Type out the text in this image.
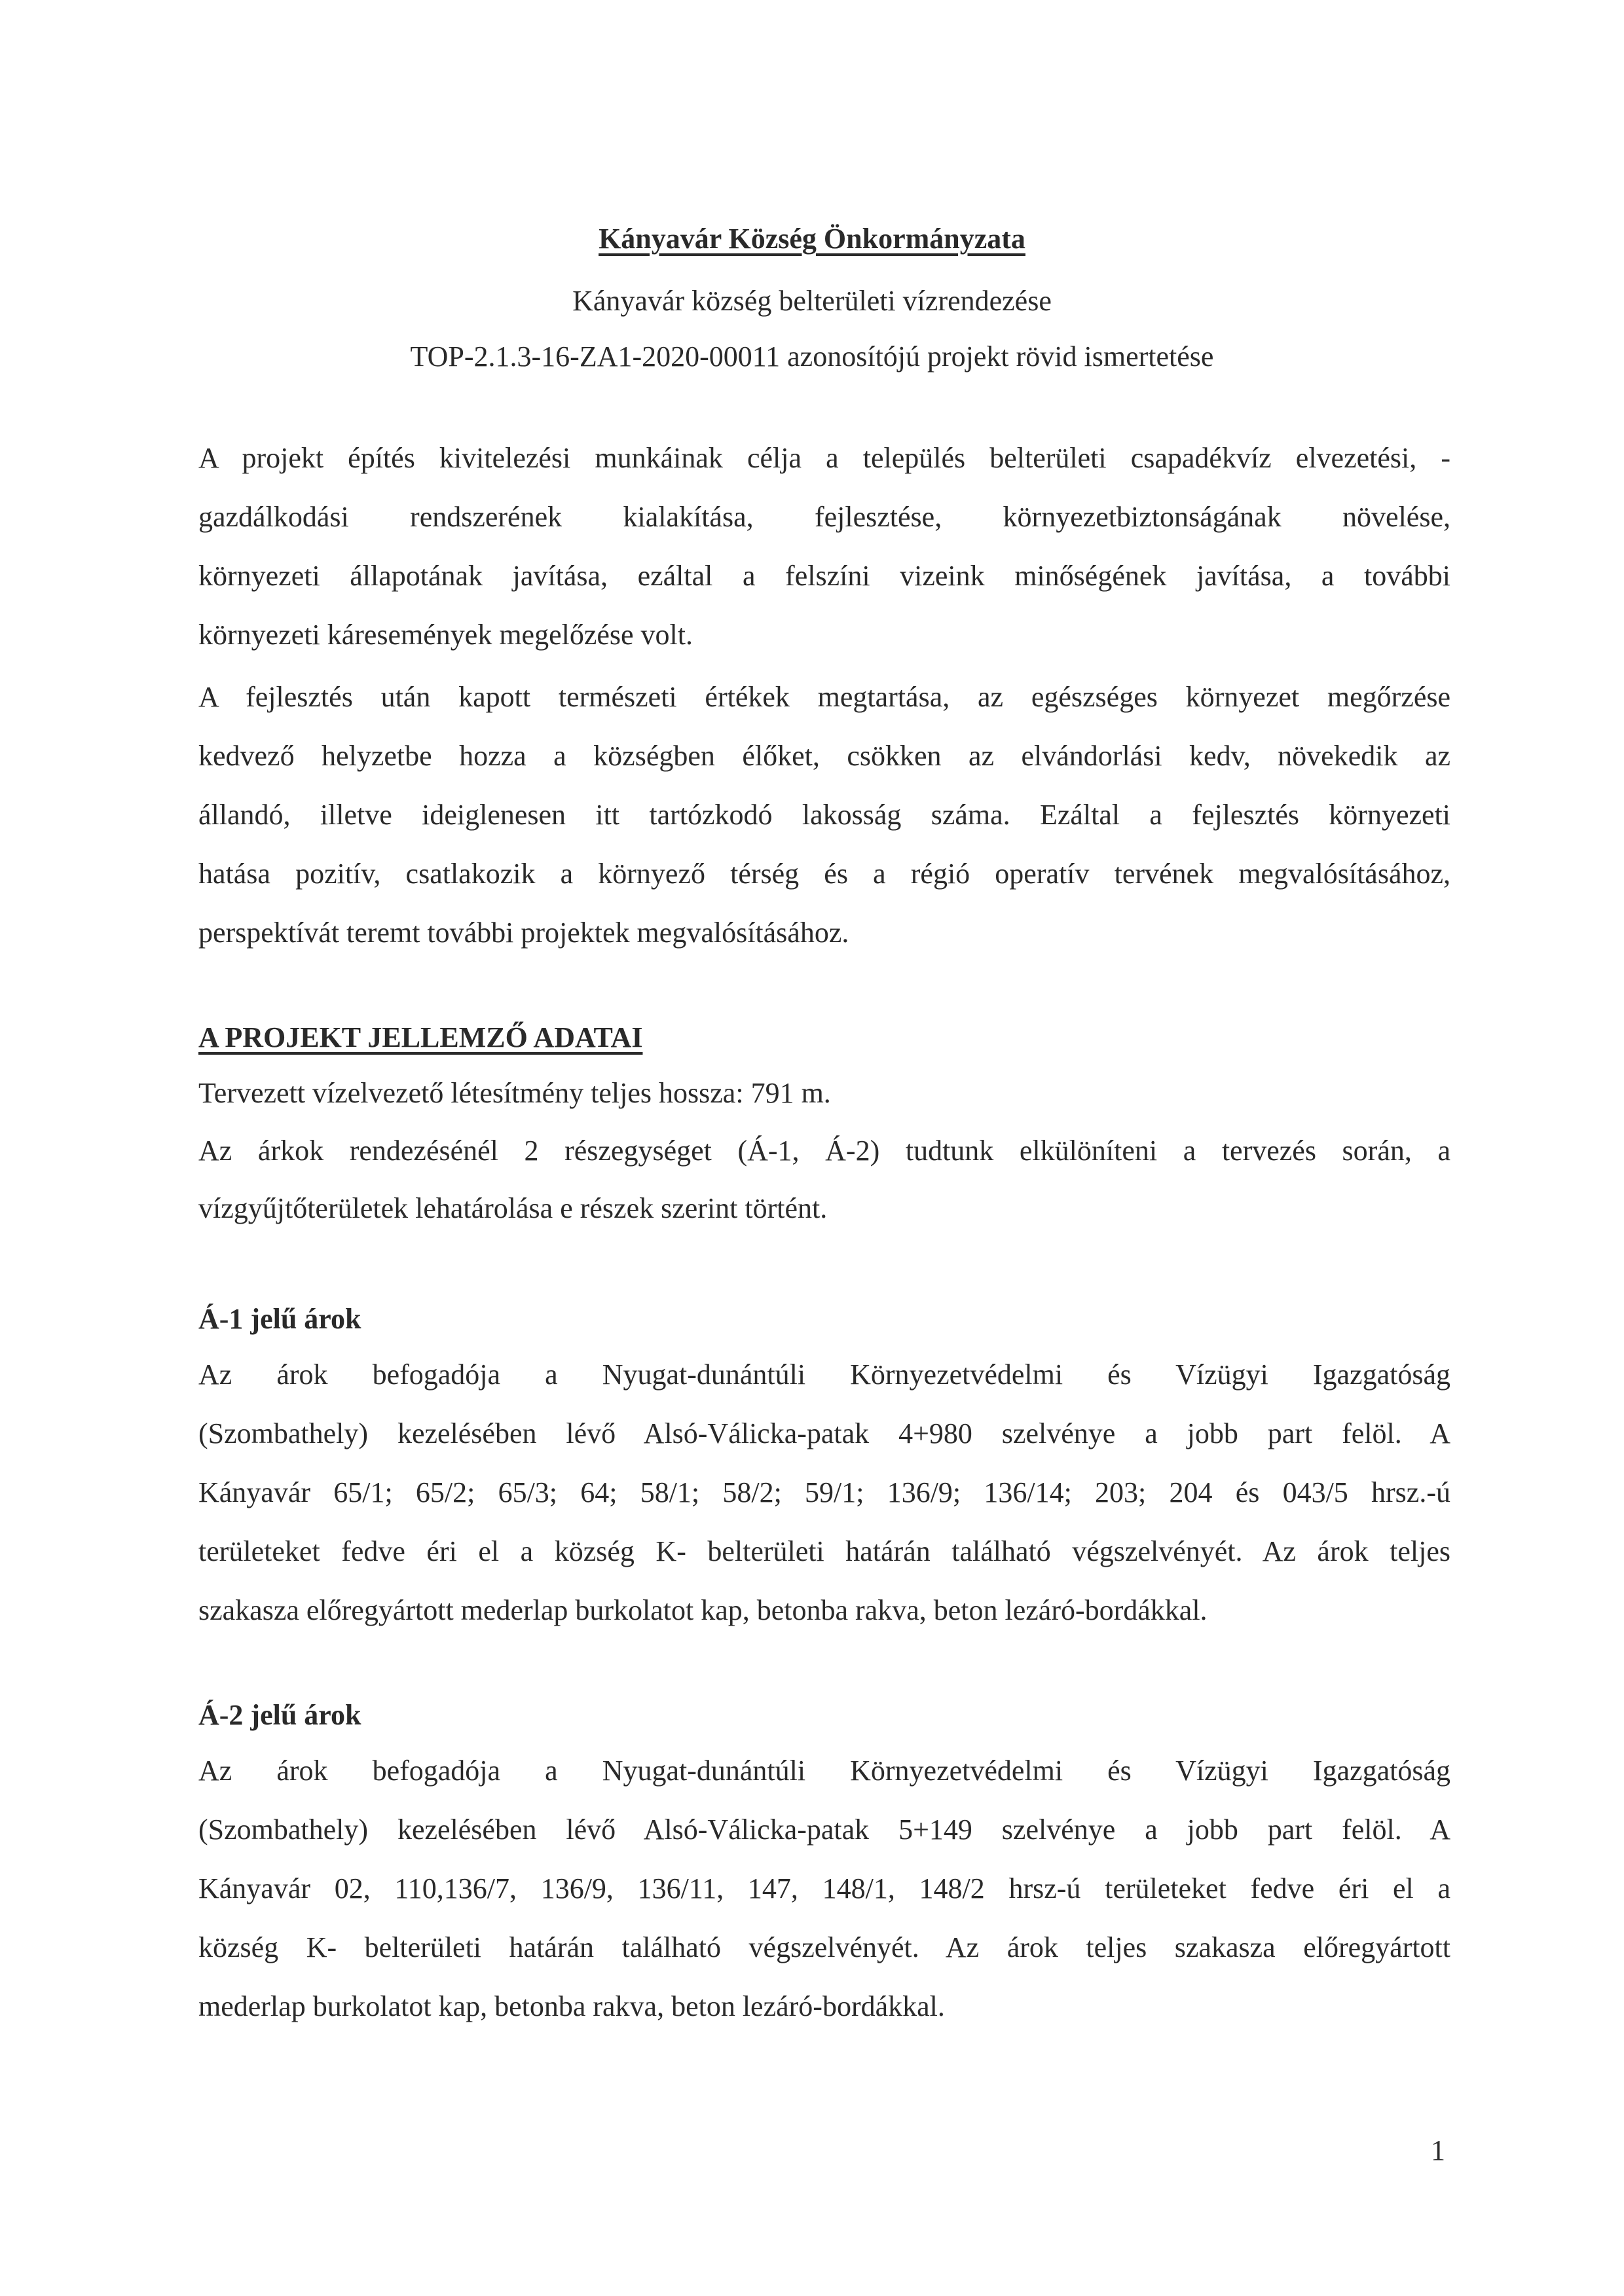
Kányavár Község Önkormányzata
Kányavár község belterületi vízrendezése
TOP-2.1.3-16-ZA1-2020-00011 azonosítójú projekt rövid ismertetése
A projekt építés kivitelezési munkáinak célja a település belterületi csapadékvíz elvezetési, -
gazdálkodási rendszerének kialakítása, fejlesztése, környezetbiztonságának növelése,
környezeti állapotának javítása, ezáltal a felszíni vizeink minőségének javítása, a további
környezeti káresemények megelőzése volt.
A fejlesztés után kapott természeti értékek megtartása, az egészséges környezet megőrzése
kedvező helyzetbe hozza a községben élőket, csökken az elvándorlási kedv, növekedik az
állandó, illetve ideiglenesen itt tartózkodó lakosság száma. Ezáltal a fejlesztés környezeti
hatása pozitív, csatlakozik a környező térség és a régió operatív tervének megvalósításához,
perspektívát teremt további projektek megvalósításához.
A PROJEKT JELLEMZŐ ADATAI
Tervezett vízelvezető létesítmény teljes hossza: 791 m.
Az árkok rendezésénél 2 részegységet (Á-1, Á-2) tudtunk elkülöníteni a tervezés során, a
vízgyűjtőterületek lehatárolása e részek szerint történt.
Á-1 jelű árok
Az árok befogadója a Nyugat-dunántúli Környezetvédelmi és Vízügyi Igazgatóság
(Szombathely) kezelésében lévő Alsó-Válicka-patak 4+980 szelvénye a jobb part felöl. A
Kányavár 65/1; 65/2; 65/3; 64; 58/1; 58/2; 59/1; 136/9; 136/14; 203; 204 és 043/5 hrsz.-ú
területeket fedve éri el a község K- belterületi határán található végszelvényét. Az árok teljes
szakasza előregyártott mederlap burkolatot kap, betonba rakva, beton lezáró-bordákkal.
Á-2 jelű árok
Az árok befogadója a Nyugat-dunántúli Környezetvédelmi és Vízügyi Igazgatóság
(Szombathely) kezelésében lévő Alsó-Válicka-patak 5+149 szelvénye a jobb part felöl. A
Kányavár 02, 110,136/7, 136/9, 136/11, 147, 148/1, 148/2 hrsz-ú területeket fedve éri el a
község K- belterületi határán található végszelvényét. Az árok teljes szakasza előregyártott
mederlap burkolatot kap, betonba rakva, beton lezáró-bordákkal.
1
